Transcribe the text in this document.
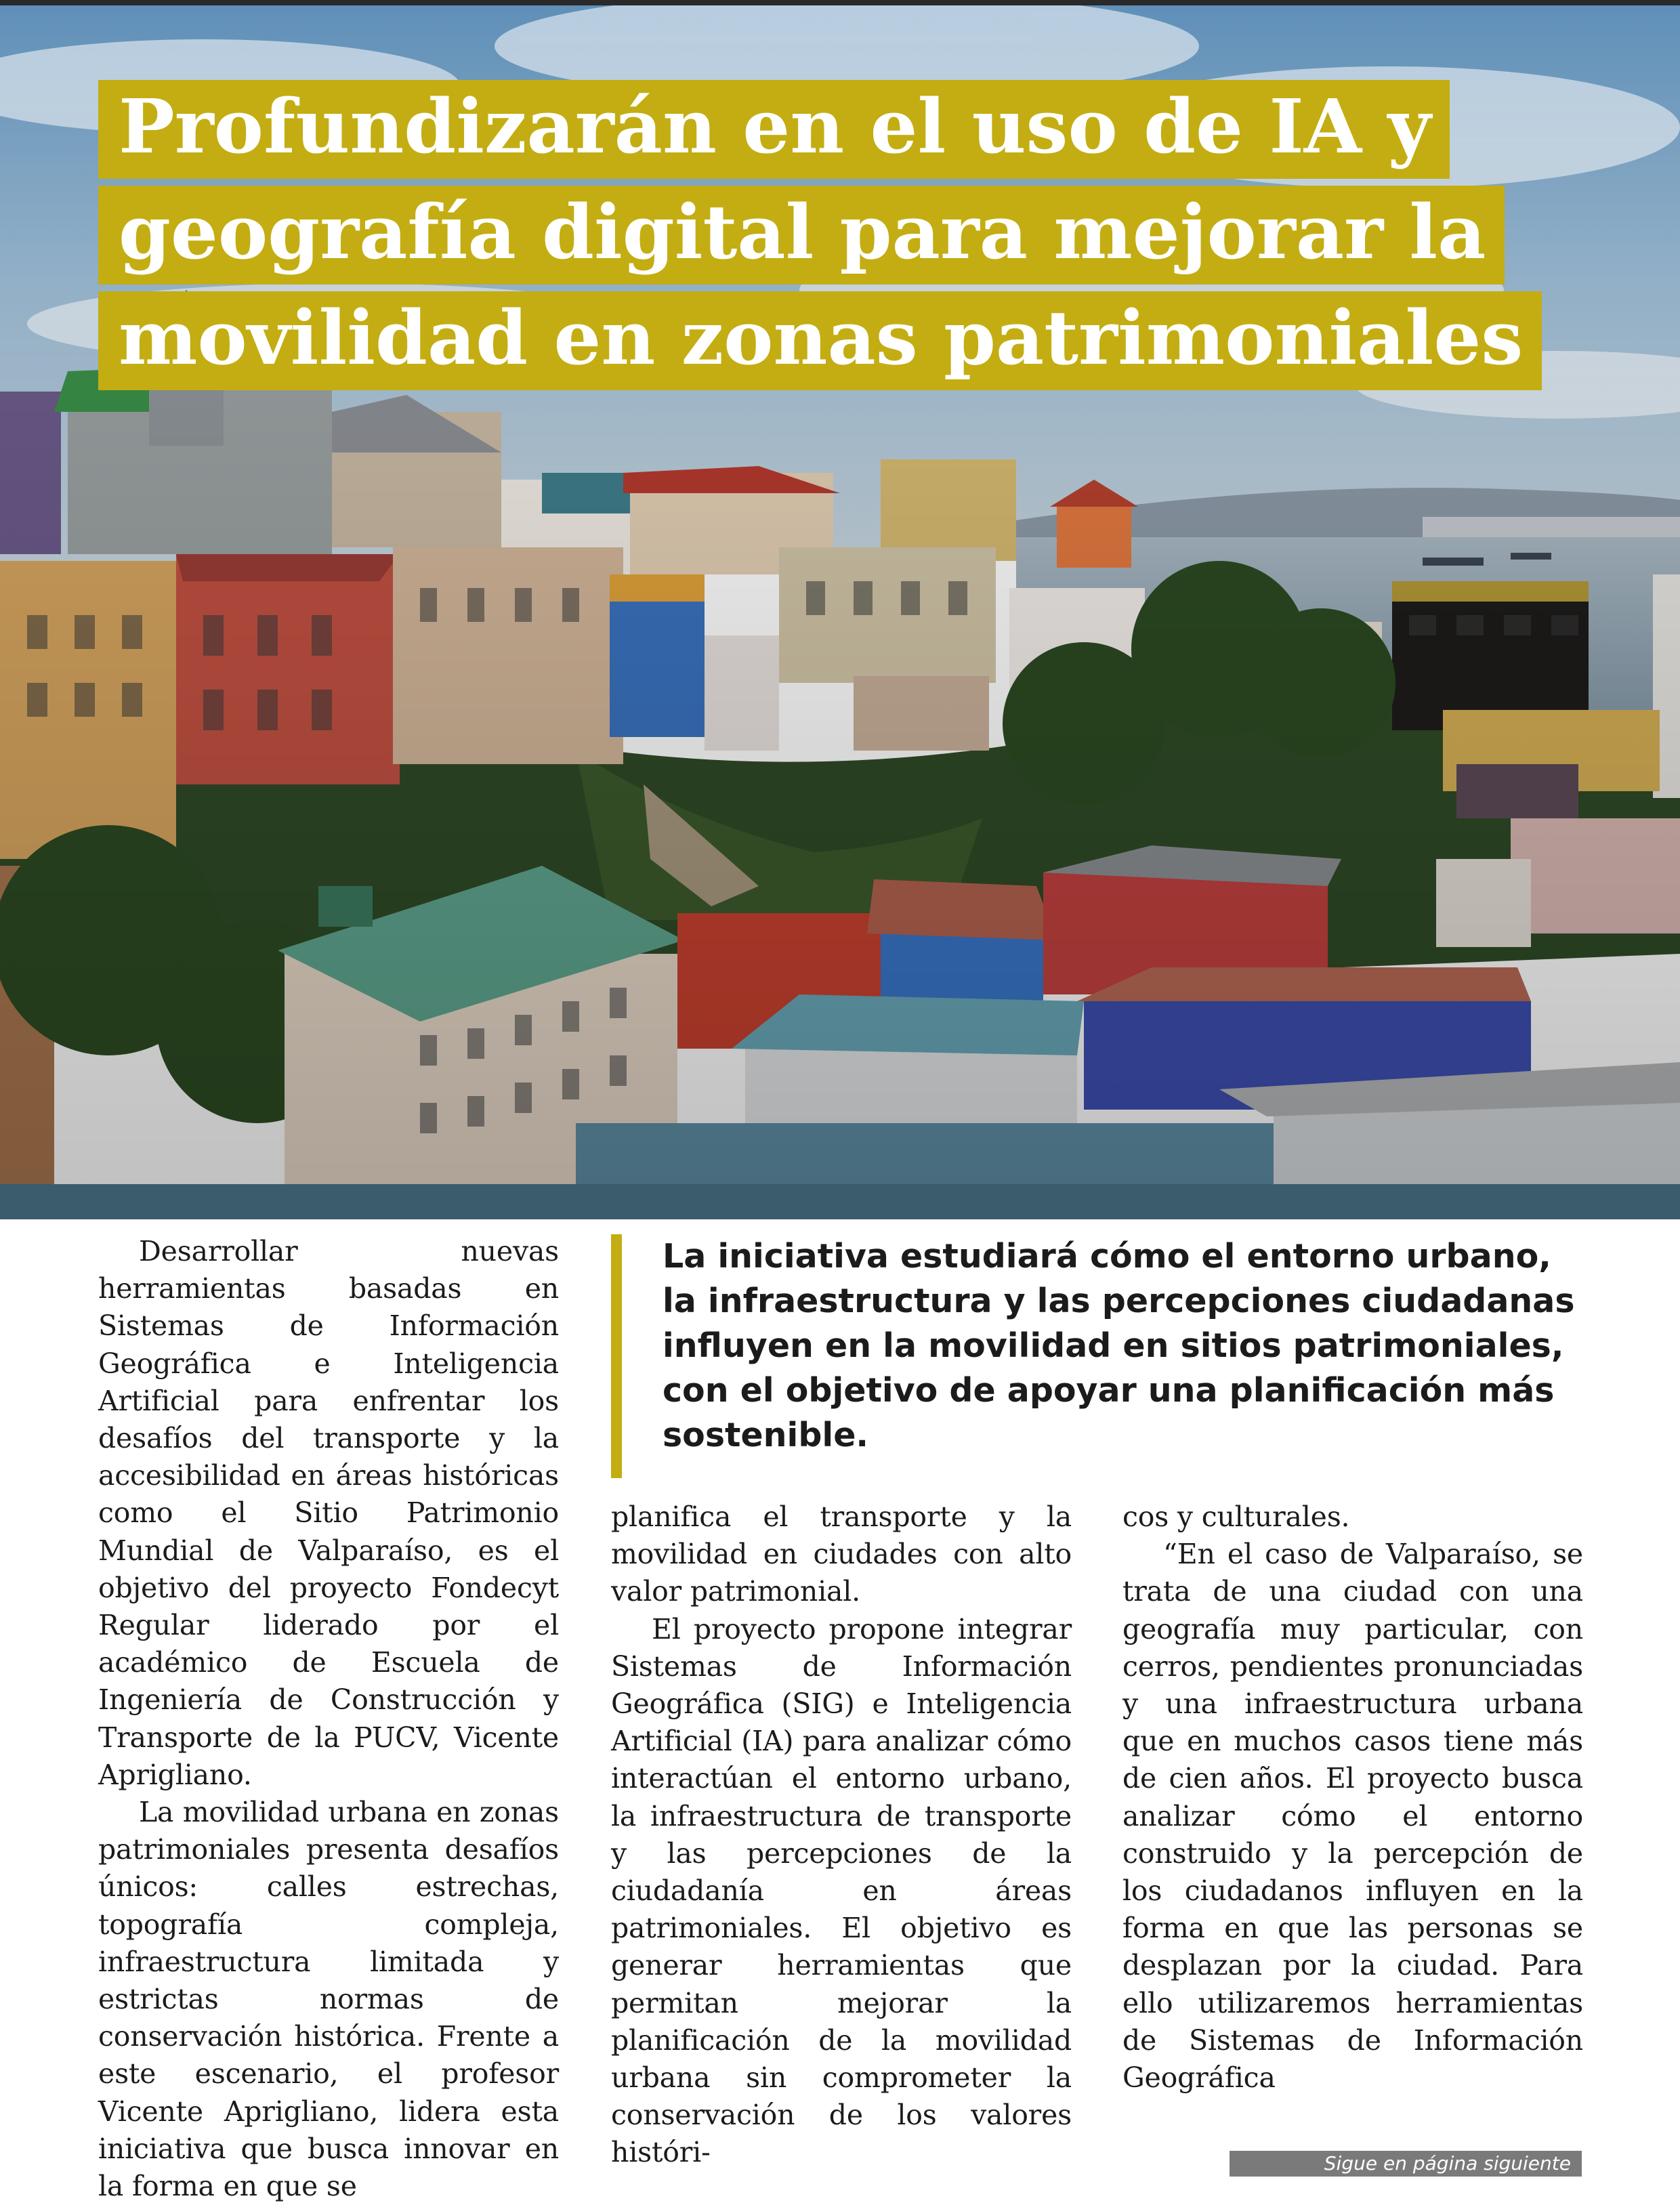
Profundizarán en el uso de IA y
geografía digital para mejorar la
movilidad en zonas patrimoniales

Desarrollar nuevas herramientas basadas en Sistemas de Información Geográfica e Inteligencia Artificial para enfrentar los desafíos del transporte y la accesibilidad en áreas históricas como el Sitio Patrimonio Mundial de Valparaíso, es el objetivo del proyecto Fondecyt Regular liderado por el académico de Escuela de Ingeniería de Construcción y Transporte de la PUCV, Vicente Aprigliano.

La movilidad urbana en zonas patrimoniales presenta desafíos únicos: calles estrechas, topografía compleja, infraestructura limitada y estrictas normas de conservación histórica. Frente a este escenario, el profesor Vicente Aprigliano, lidera esta iniciativa que busca innovar en la forma en que se

La iniciativa estudiará cómo el entorno urbano, la infraestructura y las percepciones ciudadanas influyen en la movilidad en sitios patrimoniales, con el objetivo de apoyar una planificación más sostenible.

planifica el transporte y la movilidad en ciudades con alto valor patrimonial.

El proyecto propone integrar Sistemas de Información Geográfica (SIG) e Inteligencia Artificial (IA) para analizar cómo interactúan el entorno urbano, la infraestructura de transporte y las percepciones de la ciudadanía en áreas patrimoniales. El objetivo es generar herramientas que permitan mejorar la planificación de la movilidad urbana sin comprometer la conservación de los valores históri-

cos y culturales.

“En el caso de Valparaíso, se trata de una ciudad con una geografía muy particular, con cerros, pendientes pronunciadas y una infraestructura urbana que en muchos casos tiene más de cien años. El proyecto busca analizar cómo el entorno construido y la percepción de los ciudadanos influyen en la forma en que las personas se desplazan por la ciudad. Para ello utilizaremos herramientas de Sistemas de Información Geográfica

Sigue en página siguiente
